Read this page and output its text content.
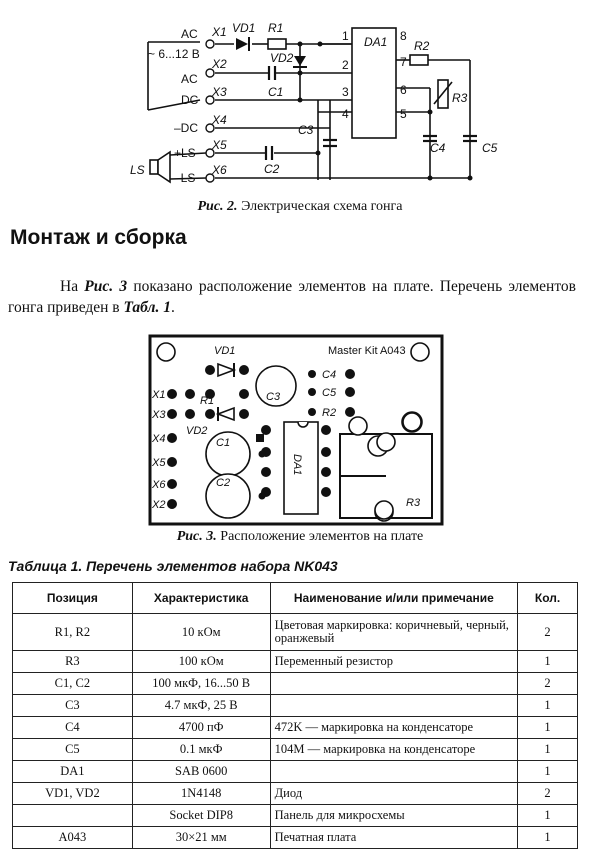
AC X1 VD1 R1
~ 6...12 В
AC
X2	VD2
DC
X3	C1
–DC
X4
+LS
X5
LS
–LS
X6	C2
C3
C4	C5
DA1 R2
R3
1
2
3
4	5
6
7
8
Рис. 2. Электрическая схема гонга
Монтаж и сборка

На Рис. 3 показано расположение элементов на плате. Перечень элементов гонга приведен в Табл. 1.

Master Kit A043
VD1
VD2
R1	C3
C1
C2
C4
C5
R2
R3
X1
X3
X4
X5
X6
X2
DA1
Рис. 3. Расположение элементов на плате

Таблица 1. Перечень элементов набора NK043

Позиция	Характеристика	Наименование и/или примечание	Кол.
R1, R2	10 кОм	Цветовая маркировка: коричневый, черный, оранжевый	2
R3	100 кОм	Переменный резистор	1
C1, C2	100 мкФ, 16...50 В		2
C3	4.7 мкФ, 25 В		1
C4	4700 пФ	472K — маркировка на конденсаторе	1
C5	0.1 мкФ	104M — маркировка на конденсаторе	1
DA1	SAB 0600		1
VD1, VD2	1N4148	Диод	2
	Socket DIP8	Панель для микросхемы	1
A043	30×21 мм	Печатная плата	1
